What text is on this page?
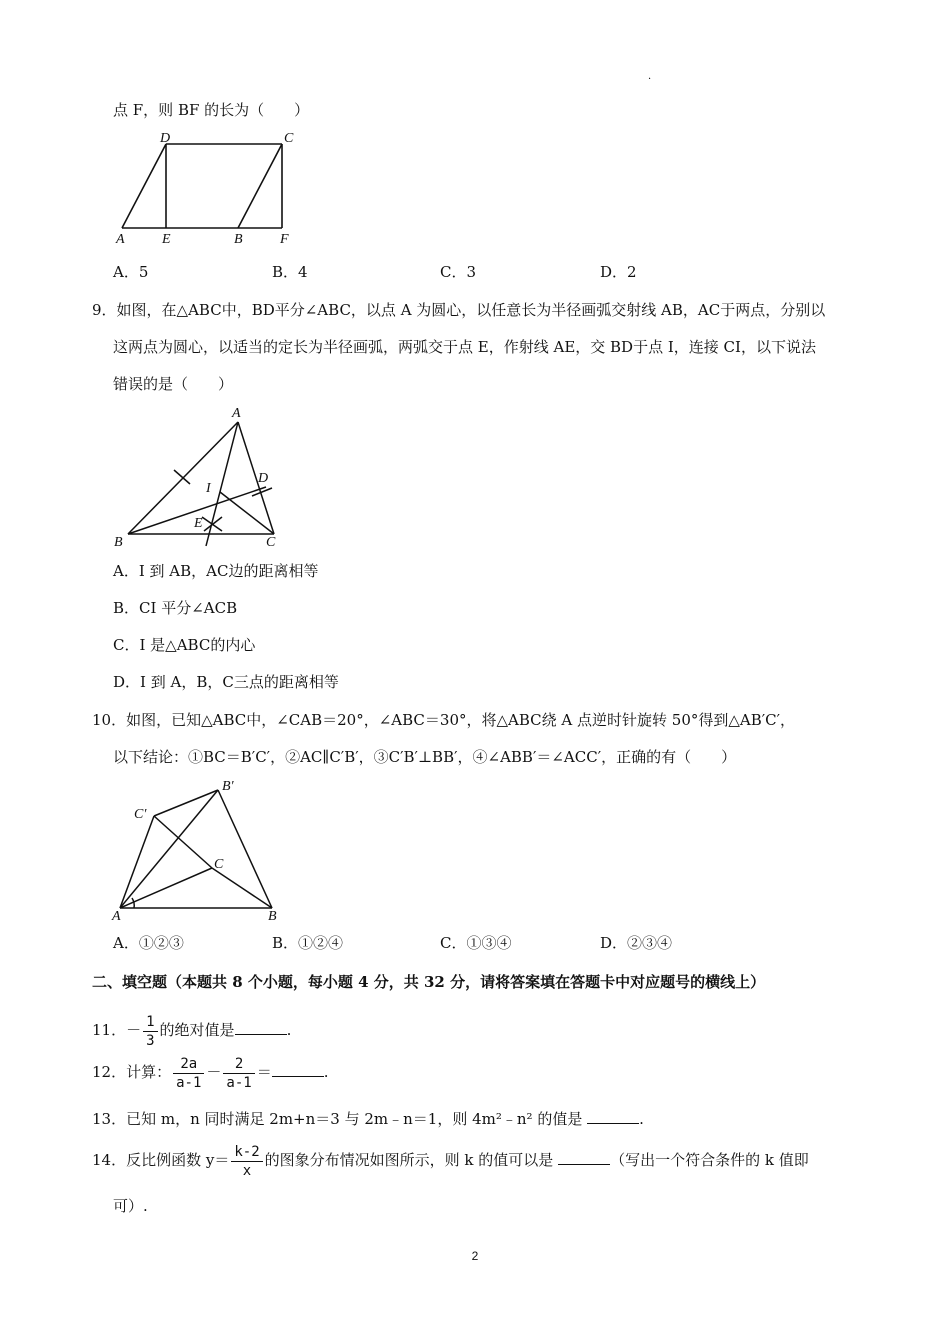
·
点 F，则 BF 的长为（　　）
D	C
A	E	B	F
A．5	B．4	C．3	D．2
9．如图，在△ABC中，BD平分∠ABC，以点 A 为圆心，以任意长为半径画弧交射线 AB，AC于两点，分别以
这两点为圆心，以适当的定长为半径画弧，两弧交于点 E，作射线 AE，交 BD于点 I，连接 CI，以下说法
错误的是（　　）
A
B	C
D
I
E
A．I 到 AB，AC边的距离相等
B．CI 平分∠ACB
C．I 是△ABC的内心
D．I 到 A，B，C三点的距离相等
10．如图，已知△ABC中，∠CAB＝20°，∠ABC＝30°，将△ABC绕 A 点逆时针旋转 50°得到△AB′C′，
以下结论：①BC＝B′C′，②AC∥C′B′，③C′B′⊥BB′，④∠ABB′＝∠ACC′，正确的有（　　）
A	B
C
B′
C′
A．①②③	B．①②④	C．①③④	D．②③④
二、填空题（本题共 8 个小题，每小题 4 分，共 32 分，请将答案填在答题卡中对应题号的横线上）
11．－ $\frac{1}{3}$ 的绝对值是	.
12．计算： $\frac{2a}{a-1} - \frac{2}{a-1}$ ＝	.
13．已知 m，n 同时满足 2m+n＝3 与 2m﹣n＝1，则 4m²﹣n² 的值是	.
14．反比例函数 $y= \frac{k-2}{x}$ 的图象分布情况如图所示，则 k 的值可以是	（写出一个符合条件的 k 值即
可）.
2
